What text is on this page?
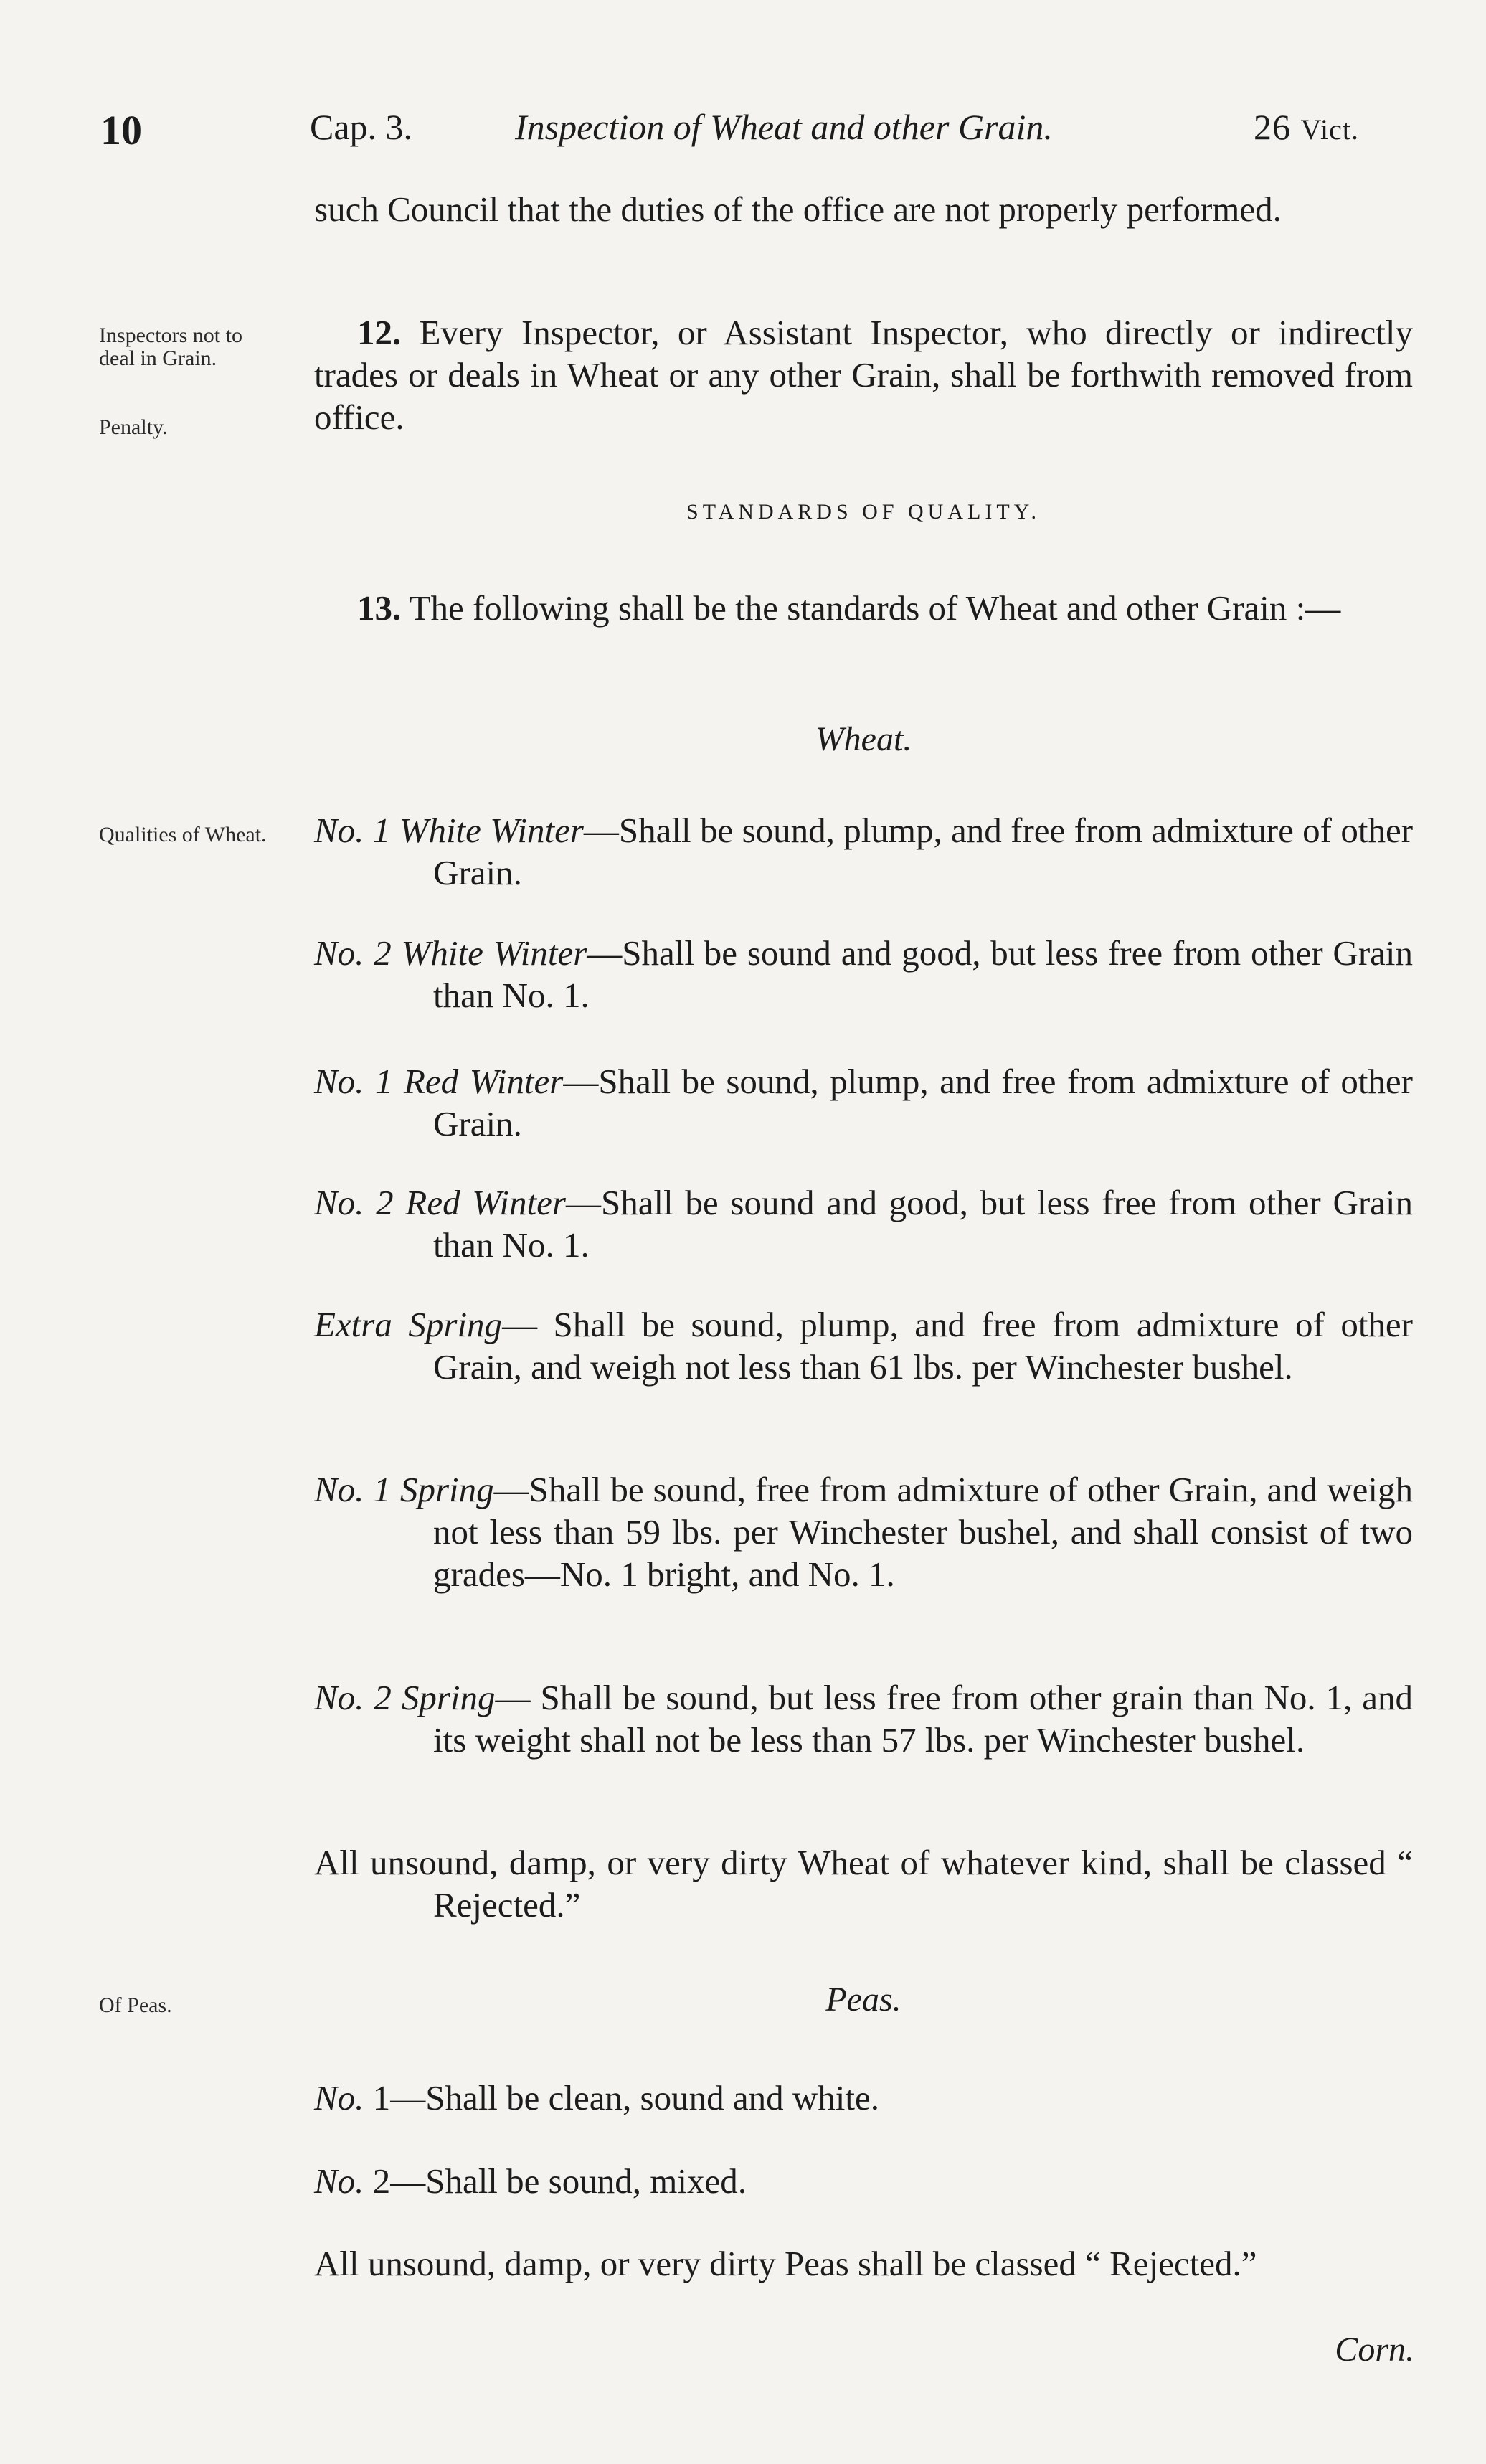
10	Cap. 3.	Inspection of Wheat and other Grain.	26 Vict.
such Council that the duties of the office are not properly performed.
Inspectors not to deal in Grain.
Penalty.
Qualities of Wheat.
Of Peas.
12. Every Inspector, or Assistant Inspector, who directly or indirectly trades or deals in Wheat or any other Grain, shall be forthwith removed from office.
STANDARDS OF QUALITY.
13. The following shall be the standards of Wheat and other Grain :—
Wheat.
No. 1 White Winter—Shall be sound, plump, and free from admixture of other Grain.
No. 2 White Winter—Shall be sound and good, but less free from other Grain than No. 1.
No. 1 Red Winter—Shall be sound, plump, and free from admixture of other Grain.
No. 2 Red Winter—Shall be sound and good, but less free from other Grain than No. 1.
Extra Spring— Shall be sound, plump, and free from admixture of other Grain, and weigh not less than 61 lbs. per Winchester bushel.
No. 1 Spring—Shall be sound, free from admixture of other Grain, and weigh not less than 59 lbs. per Winchester bushel, and shall consist of two grades—No. 1 bright, and No. 1.
No. 2 Spring— Shall be sound, but less free from other grain than No. 1, and its weight shall not be less than 57 lbs. per Winchester bushel.
All unsound, damp, or very dirty Wheat of whatever kind, shall be classed “ Rejected.”
Peas.
No. 1—Shall be clean, sound and white.
No. 2—Shall be sound, mixed.
All unsound, damp, or very dirty Peas shall be classed “ Rejected.”
Corn.
